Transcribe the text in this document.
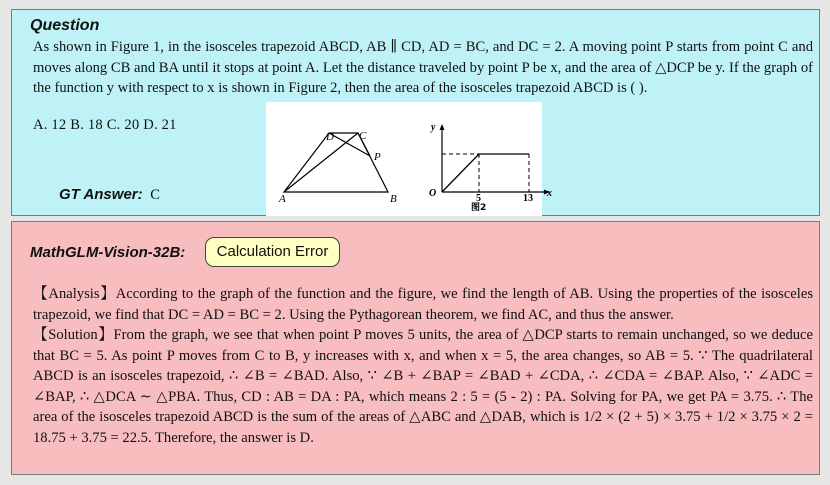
Question
As shown in Figure 1, in the isosceles trapezoid ABCD, AB ∥ CD, AD = BC, and DC = 2. A moving point P starts from point C and moves along CB and BA until it stops at point A. Let the distance traveled by point P be x, and the area of △DCP be y. If the graph of the function y with respect to x is shown in Figure 2, then the area of the isosceles trapezoid ABCD is ( ).
A. 12 B. 18 C. 20 D. 21
A	B
C
D
P
y
x
O	5	13
图2
GT Answer: C
MathGLM-Vision-32B:	Calculation Error

【Analysis】According to the graph of the function and the figure, we find the length of AB. Using the properties of the isosceles trapezoid, we find that DC = AD = BC = 2. Using the Pythagorean theorem, we find AC, and thus the answer.

【Solution】From the graph, we see that when point P moves 5 units, the area of △DCP starts to remain unchanged, so we deduce that BC = 5. As point P moves from C to B, y increases with x, and when x = 5, the area changes, so AB = 5. ∵ The quadrilateral ABCD is an isosceles trapezoid, ∴ ∠B = ∠BAD. Also, ∵ ∠B + ∠BAP = ∠BAD + ∠CDA, ∴ ∠CDA = ∠BAP. Also, ∵ ∠ADC = ∠BAP, ∴ △DCA ∼ △PBA. Thus, CD : AB = DA : PA, which means 2 : 5 = (5 - 2) : PA. Solving for PA, we get PA = 3.75. ∴ The area of the isosceles trapezoid ABCD is the sum of the areas of △ABC and △DAB, which is 1/2 × (2 + 5) × 3.75 + 1/2 × 3.75 × 2 = 18.75 + 3.75 = 22.5. Therefore, the answer is D.
